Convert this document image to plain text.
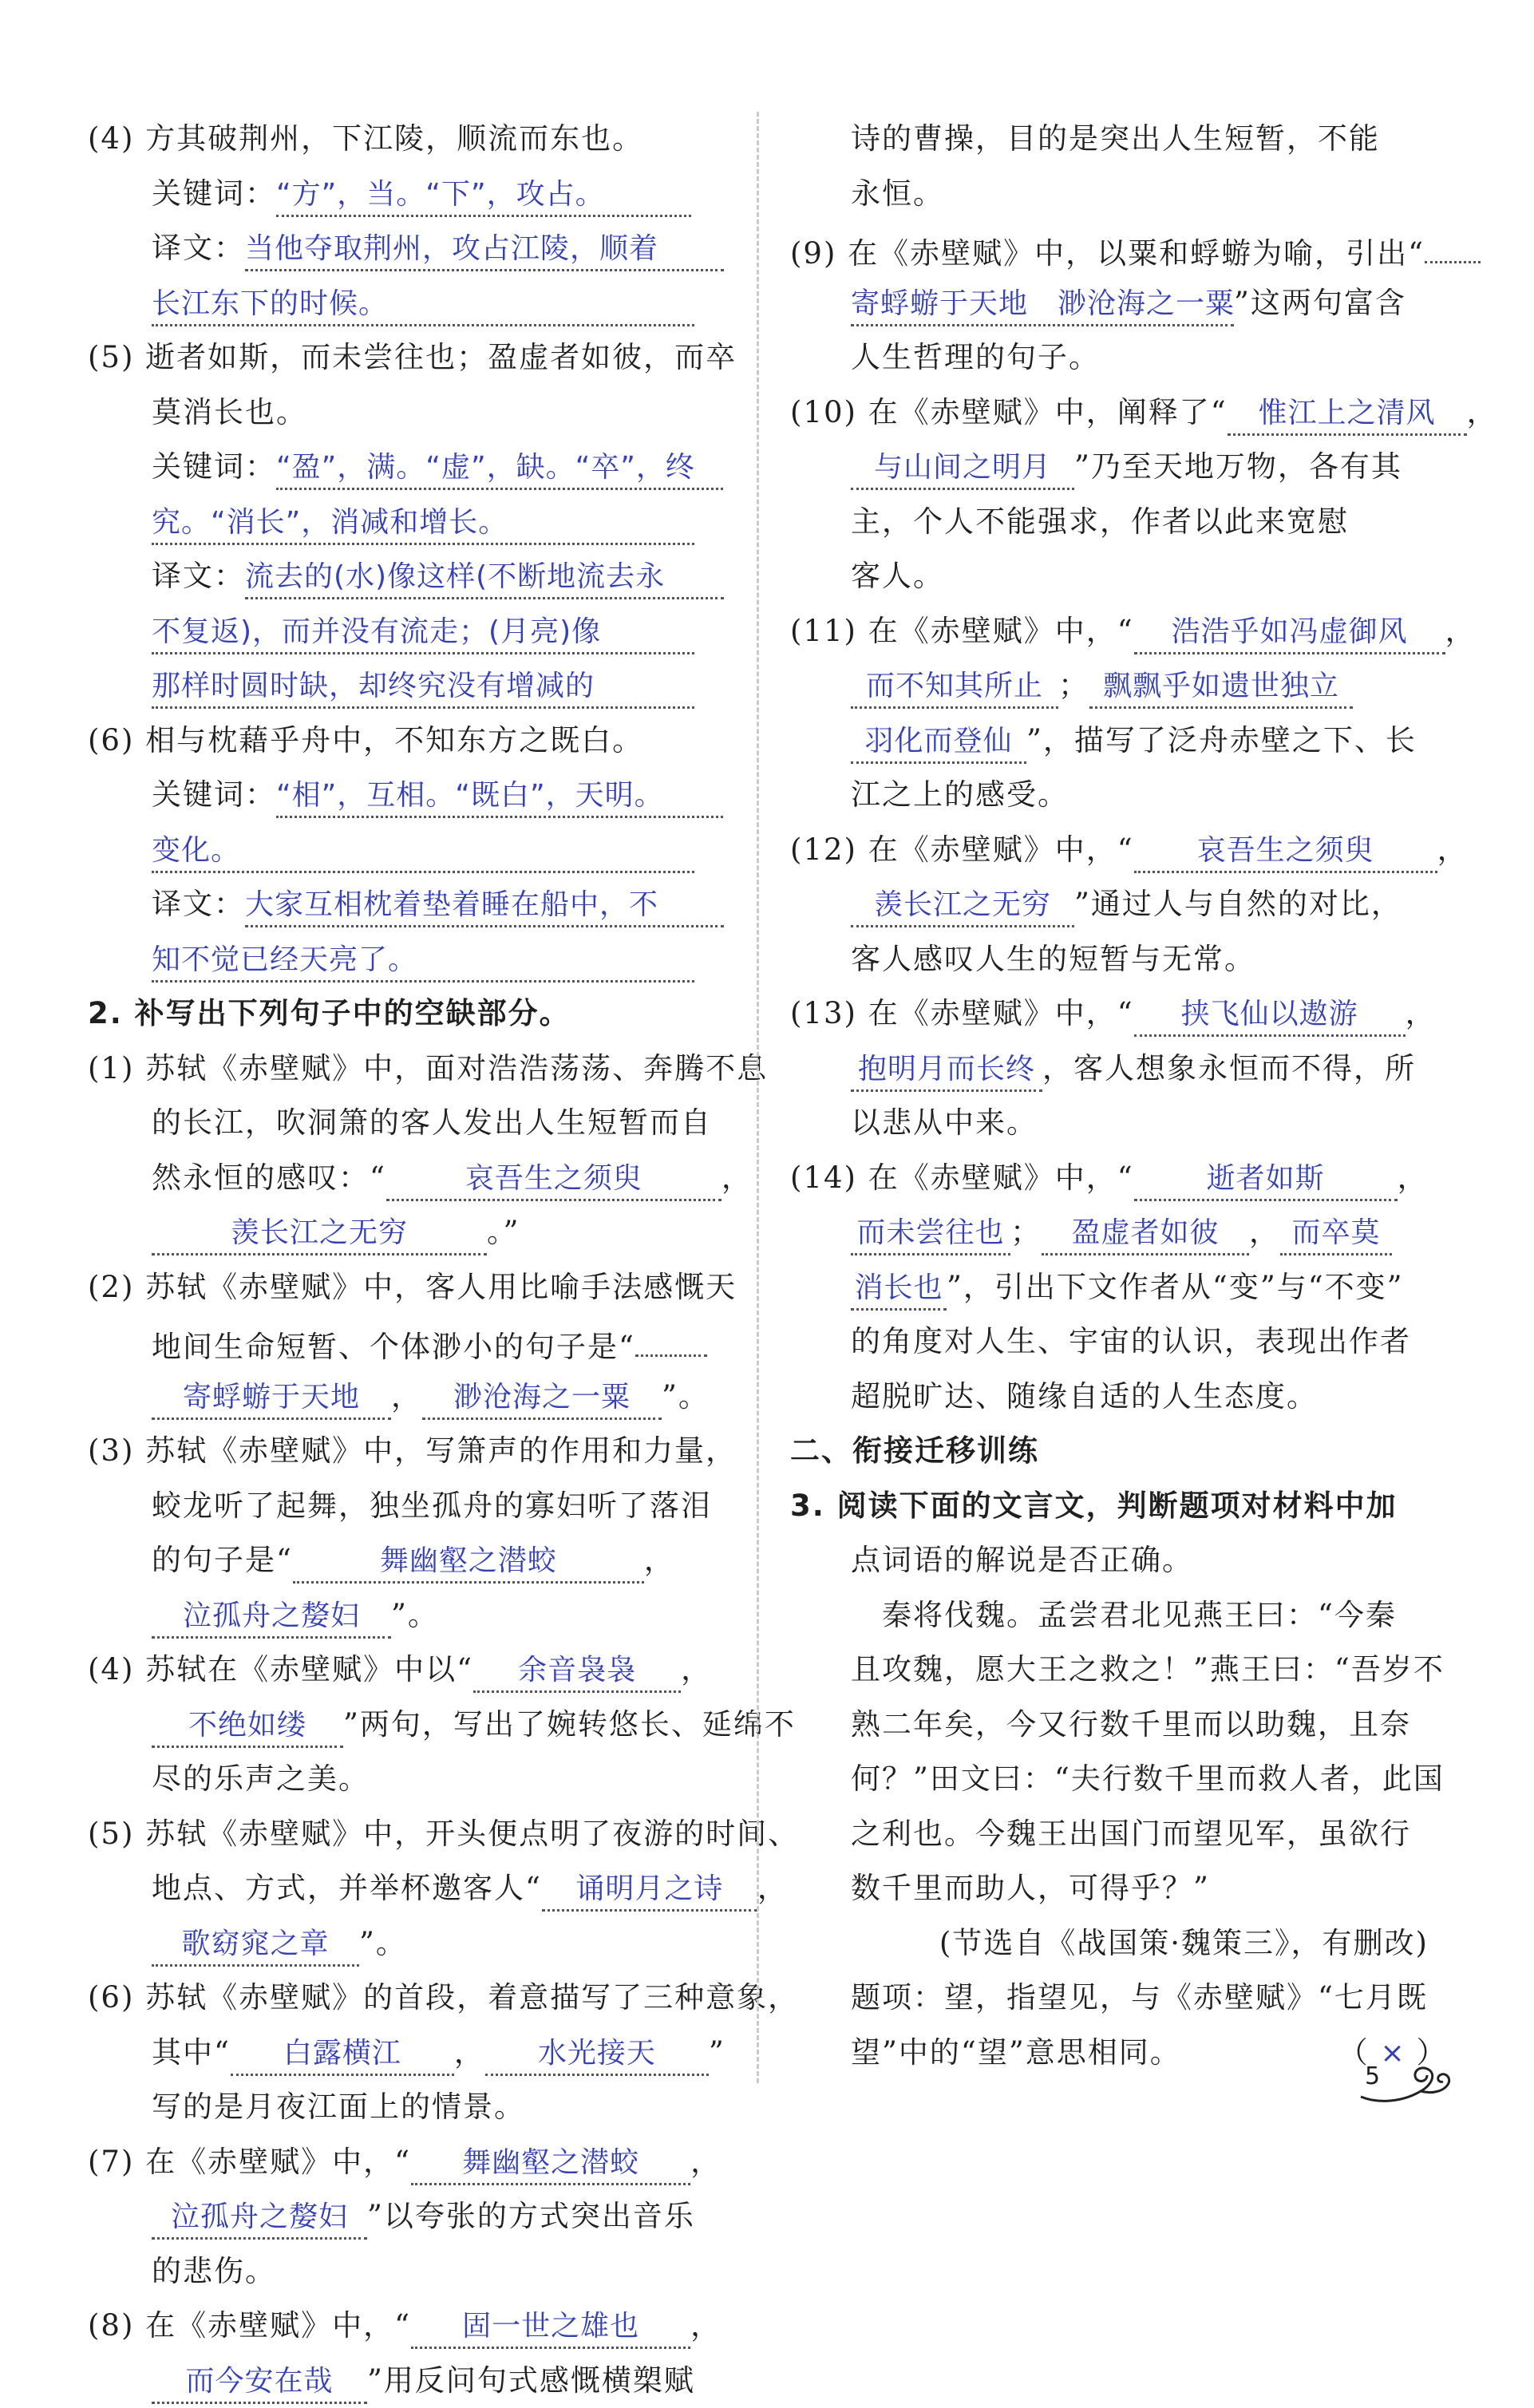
(4) 方其破荆州，下江陵，顺流而东也。
关键词：“方”，当。“下”，攻占。
译文：当他夺取荆州，攻占江陵，顺着
长江东下的时候。
(5) 逝者如斯，而未尝往也；盈虚者如彼，而卒
莫消长也。
关键词：“盈”，满。“虚”，缺。“卒”，终
究。“消长”，消减和增长。
译文：流去的(水)像这样(不断地流去永
不复返)，而并没有流走；(月亮)像
那样时圆时缺，却终究没有增减的
(6) 相与枕藉乎舟中，不知东方之既白。
关键词：“相”，互相。“既白”，天明。
变化。
译文：大家互相枕着垫着睡在船中，不
知不觉已经天亮了。
2. 补写出下列句子中的空缺部分。
(1) 苏轼《赤壁赋》中，面对浩浩荡荡、奔腾不息
的长江，吹洞箫的客人发出人生短暂而自
然永恒的感叹：“	哀吾生之须臾	，
羡长江之无穷	。”
(2) 苏轼《赤壁赋》中，客人用比喻手法感慨天
地间生命短暂、个体渺小的句子是“
寄蜉蝣于天地 ， 渺沧海之一粟 ”。
(3) 苏轼《赤壁赋》中，写箫声的作用和力量，
蛟龙听了起舞，独坐孤舟的寡妇听了落泪
的句子是“	舞幽壑之潜蛟	，
泣孤舟之嫠妇 ”。
(4) 苏轼在《赤壁赋》中以“ 余音袅袅 ，
不绝如缕 ”两句，写出了婉转悠长、延绵不
尽的乐声之美。
(5) 苏轼《赤壁赋》中，开头便点明了夜游的时间、
地点、方式，并举杯邀客人“ 诵明月之诗 ，
歌窈窕之章 ”。
(6) 苏轼《赤壁赋》的首段，着意描写了三种意象，
其中“ 白露横江 ， 水光接天 ”
写的是月夜江面上的情景。
(7) 在《赤壁赋》中，“ 舞幽壑之潜蛟 ，
泣孤舟之嫠妇 ”以夸张的方式突出音乐
的悲伤。
(8) 在《赤壁赋》中，“ 固一世之雄也 ，
而今安在哉 ”用反问句式感慨横槊赋
诗的曹操，目的是突出人生短暂，不能
永恒。
(9) 在《赤壁赋》中，以粟和蜉蝣为喻，引出“
寄蜉蝣于天地　渺沧海之一粟”这两句富含
人生哲理的句子。
(10) 在《赤壁赋》中，阐释了“ 惟江上之清风 ，
与山间之明月 ”乃至天地万物，各有其
主，个人不能强求，作者以此来宽慰
客人。
(11) 在《赤壁赋》中，“ 浩浩乎如冯虚御风 ，
而不知其所止 ； 飘飘乎如遗世独立
羽化而登仙 ”，描写了泛舟赤壁之下、长
江之上的感受。
(12) 在《赤壁赋》中，“ 哀吾生之须臾 ，
羡长江之无穷 ”通过人与自然的对比，
客人感叹人生的短暂与无常。
(13) 在《赤壁赋》中，“ 挟飞仙以遨游 ，
抱明月而长终 ，客人想象永恒而不得，所
以悲从中来。
(14) 在《赤壁赋》中，“	逝者如斯 ，
而未尝往也 ； 盈虚者如彼 ， 而卒莫
消长也 ”，引出下文作者从“变”与“不变”
的角度对人生、宇宙的认识，表现出作者
超脱旷达、随缘自适的人生态度。
二、衔接迁移训练
3. 阅读下面的文言文，判断题项对材料中加
点词语的解说是否正确。
　秦将伐魏。孟尝君北见燕王曰：“今秦
且攻魏，愿大王之救之！”燕王曰：“吾岁不
熟二年矣，今又行数千里而以助魏，且奈
何？”田文曰：“夫行数千里而救人者，此国
之利也。今魏王出国门而望见军，虽欲行
数千里而助人，可得乎？”
(节选自《战国策·魏策三》，有删改)
题项：望，指望见，与《赤壁赋》“七月既
望”中的“望”意思相同。　　　　　　（ × ）
5
